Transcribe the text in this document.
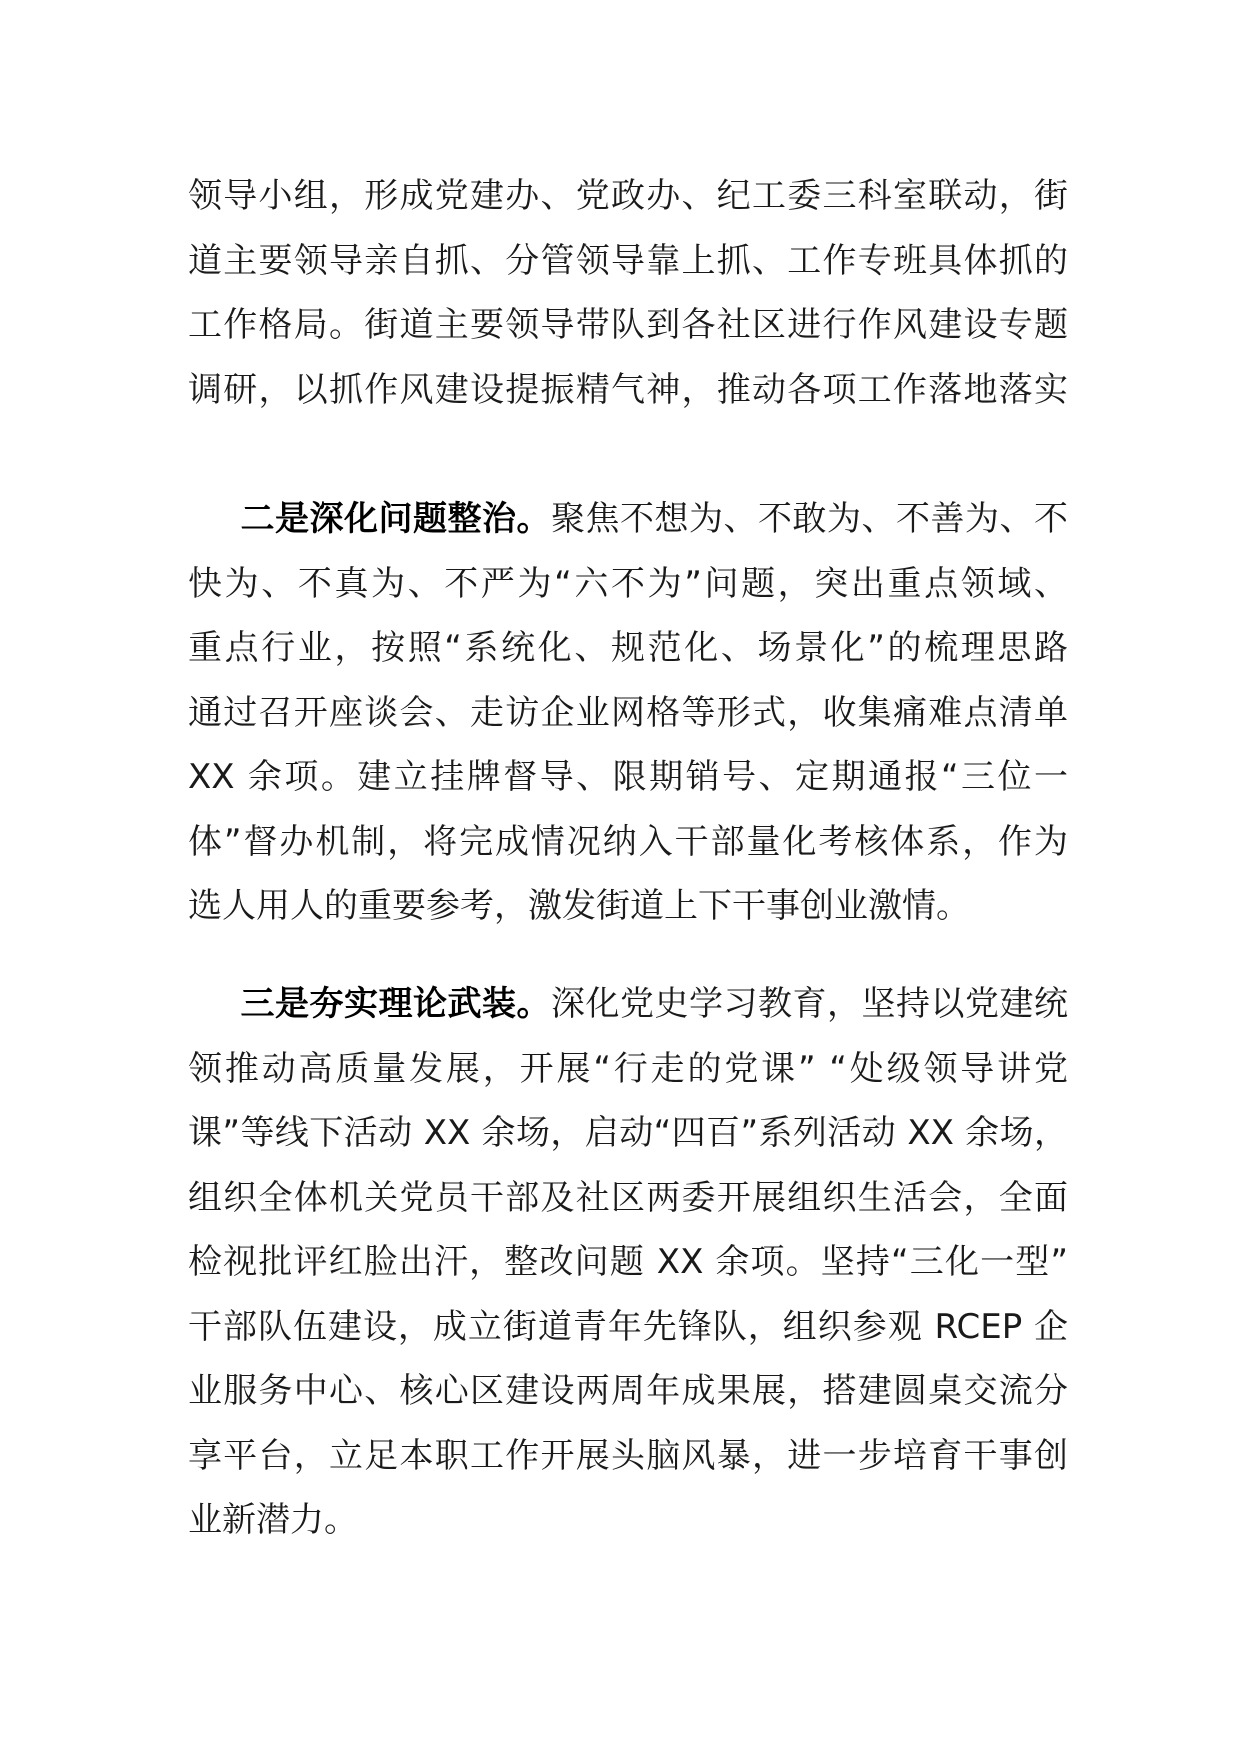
领导小组，形成党建办、党政办、纪工委三科室联动，街
道主要领导亲自抓、分管领导靠上抓、工作专班具体抓的
工作格局。街道主要领导带队到各社区进行作风建设专题
调研，以抓作风建设提振精气神，推动各项工作落地落实
二是深化问题整治。聚焦不想为、不敢为、不善为、不
快为、不真为、不严为“六不为”问题，突出重点领域、
重点行业，按照“系统化、规范化、场景化”的梳理思路
通过召开座谈会、走访企业网格等形式，收集痛难点清单
XX 余项。建立挂牌督导、限期销号、定期通报“三位一
体”督办机制，将完成情况纳入干部量化考核体系，作为
选人用人的重要参考，激发街道上下干事创业激情。
三是夯实理论武装。深化党史学习教育，坚持以党建统
领推动高质量发展，开展“行走的党课” “处级领导讲党
课”等线下活动 XX 余场，启动“四百”系列活动 XX 余场，
组织全体机关党员干部及社区两委开展组织生活会，全面
检视批评红脸出汗，整改问题 XX 余项。坚持“三化一型”
干部队伍建设，成立街道青年先锋队，组织参观 RCEP 企
业服务中心、核心区建设两周年成果展，搭建圆桌交流分
享平台，立足本职工作开展头脑风暴，进一步培育干事创
业新潜力。
